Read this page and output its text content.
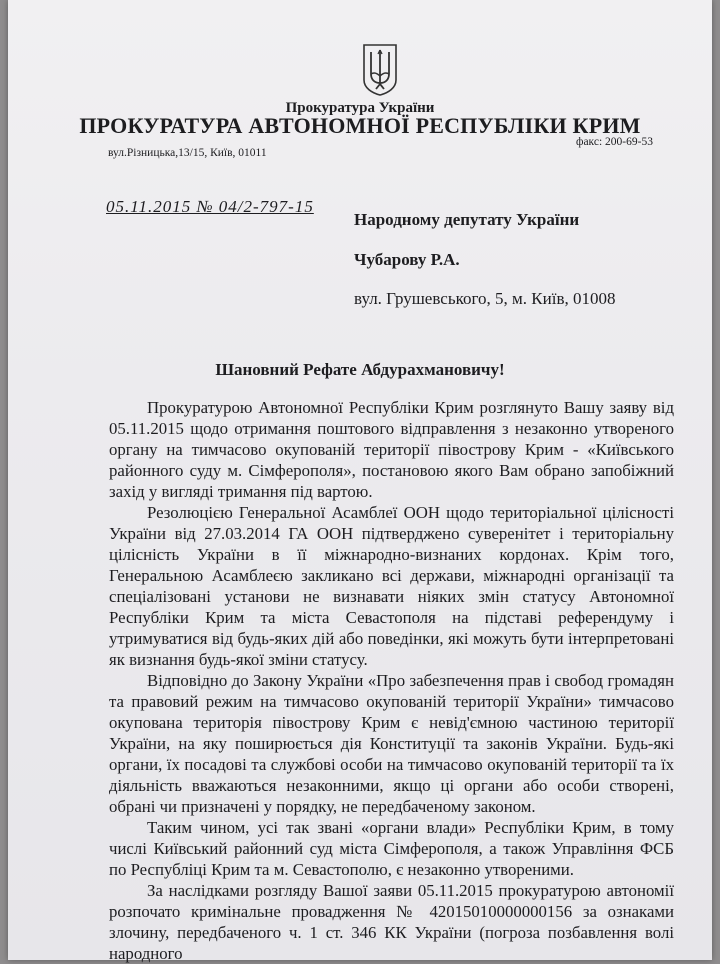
Прокуратура України
ПРОКУРАТУРА АВТОНОМНОЇ РЕСПУБЛІКИ КРИМ
вул.Різницька,13/15, Київ, 01011
факс: 200-69-53
05.11.2015 № 04/2-797-15
Народному депутату України
Чубарову Р.А.
вул. Грушевського, 5, м. Київ, 01008
Шановний Рефате Абдурахмановичу!

Прокуратурою Автономної Республіки Крим розглянуто Вашу заяву від 05.11.2015 щодо отримання поштового відправлення з незаконно утвореного органу на тимчасово окупованій території півострову Крим - «Київського районного суду м. Сімферополя», постановою якого Вам обрано запобіжний захід у вигляді тримання під вартою.

Резолюцією Генеральної Асамблеї ООН щодо територіальної цілісності України від 27.03.2014 ГА ООН підтверджено суверенітет і територіальну цілісність України в її міжнародно-визнаних кордонах. Крім того, Генеральною Асамблеєю закликано всі держави, міжнародні організації та спеціалізовані установи не визнавати ніяких змін статусу Автономної Республіки Крим та міста Севастополя на підставі референдуму і утримуватися від будь-яких дій або поведінки, які можуть бути інтерпретовані як визнання будь-якої зміни статусу.

Відповідно до Закону України «Про забезпечення прав і свобод громадян та правовий режим на тимчасово окупованій території України» тимчасово окупована територія півострову Крим є невід'ємною частиною території України, на яку поширюється дія Конституції та законів України. Будь-які органи, їх посадові та службові особи на тимчасово окупованій території та їх діяльність вважаються незаконними, якщо ці органи або особи створені, обрані чи призначені у порядку, не передбаченому законом.

Таким чином, усі так звані «органи влади» Республіки Крим, в тому числі Київський районний суд міста Сімферополя, а також Управління ФСБ по Республіці Крим та м. Севастополю, є незаконно утвореними.

За наслідками розгляду Вашої заяви 05.11.2015 прокуратурою автономії розпочато кримінальне провадження № 42015010000000156 за ознаками злочину, передбаченого ч. 1 ст. 346 КК України (погроза позбавлення волі народного
